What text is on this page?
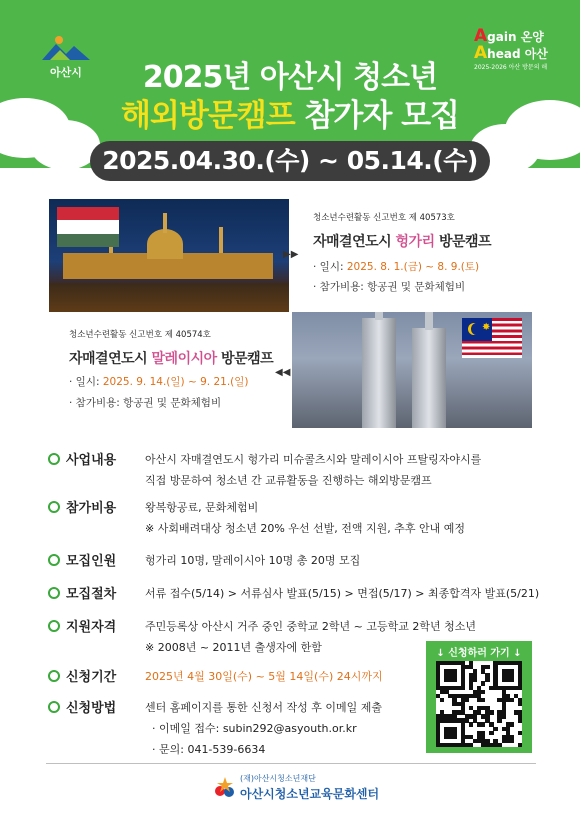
아산시
Again 온양
Ahead 아산
2025-2026 아산 방문의 해
2025년 아산시 청소년
해외방문캠프 참가자 모집
2025.04.30.(수) ~ 05.14.(수)
▶▶
청소년수련활동 신고번호 제 40573호
자매결연도시 헝가리 방문캠프
· 일시: 2025. 8. 1.(금) ~ 8. 9.(토)
· 참가비용: 항공권 및 문화체험비
청소년수련활동 신고번호 제 40574호
자매결연도시 말레이시아 방문캠프
· 일시: 2025. 9. 14.(일) ~ 9. 21.(일)
· 참가비용: 항공권 및 문화체험비
◀◀
✸
사업내용	아산시 자매결연도시 헝가리 미슈콜츠시와 말레이시아 프탈링자야시를
직접 방문하여 청소년 간 교류활동을 진행하는 해외방문캠프
참가비용	왕복항공료, 문화체험비
※ 사회배려대상 청소년 20% 우선 선발, 전액 지원, 추후 안내 예정
모집인원	헝가리 10명, 말레이시아 10명 총 20명 모집
모집절차	서류 접수(5/14) > 서류심사 발표(5/15) > 면접(5/17) > 최종합격자 발표(5/21)
지원자격	주민등록상 아산시 거주 중인 중학교 2학년 ~ 고등학교 2학년 청소년
※ 2008년 ~ 2011년 출생자에 한함
신청기간	2025년 4월 30일(수) ~ 5월 14일(수) 24시까지
신청방법	센터 홈페이지를 통한 신청서 작성 후 이메일 제출
· 이메일 접수: subin292@asyouth.or.kr
· 문의: 041-539-6634
↓ 신청하러 가기 ↓
(재)아산시청소년재단
아산시청소년교육문화센터
